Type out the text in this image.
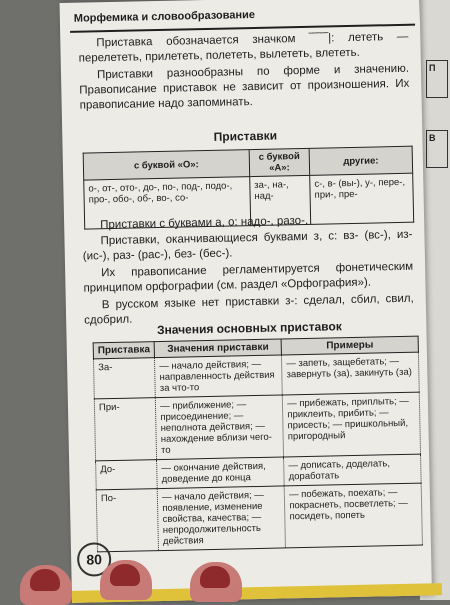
П
В
Морфемика и словообразование

Приставка обозначается значком ‾‾‾‾‾|: лететь — перелететь, прилететь, полететь, вылететь, влететь.

Приставки разнообразны по форме и значению. Правописание приставок не зависит от произношения. Их правописание надо запоминать.

Приставки
с буквой «О»:	с буквой «А»:	другие:
о-, от-, ото-, до-, по-, под-, подо-, про-, обо-, об-, во-, со-	за-, на-, над-	с-, в- (вы-), у-, пере-, при-, пре-

Приставки с буквами а, о: надо-, разо-.

Приставки, оканчивающиеся буквами з, с: вз- (вс-), из- (ис-), раз- (рас-), без- (бес-).

Их правописание регламентируется фонетическим принципом орфографии (см. раздел «Орфография»).

В русском языке нет приставки з-: сделал, сбил, свил, сдобрил.	Значения основных приставок
Приставка	Значения приставки	Примеры
За-	— начало действия; — направленность действия за что-то	— запеть, защебетать; — завернуть (за), закинуть (за)
При-	— приближение; — присоединение; — неполнота действия; — нахождение вблизи чего-то	— прибежать, приплыть; — приклеить, прибить; — присесть; — пришкольный, пригородный
До-	— окончание действия, доведение до конца	— дописать, доделать, доработать
По-	— начало действия; — появление, изменение свойства, качества; — непродолжительность действия	— побежать, поехать; — покраснеть, посветлеть; — посидеть, попеть
80
